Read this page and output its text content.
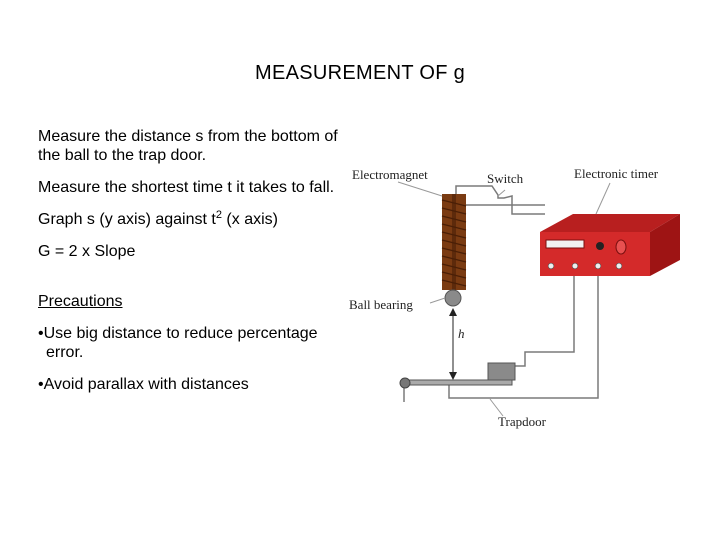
MEASUREMENT OF g

Measure the distance s from the bottom of the ball to the trap door.

Measure the shortest time t it takes to fall.

Graph s (y axis) against $t^2$ (x axis)

G = 2 x Slope

Precautions

•Use big distance to reduce percentage error.

•Avoid parallax with distances

Electromagnet	Switch	Electronic timer
Ball bearing
h
Trapdoor
